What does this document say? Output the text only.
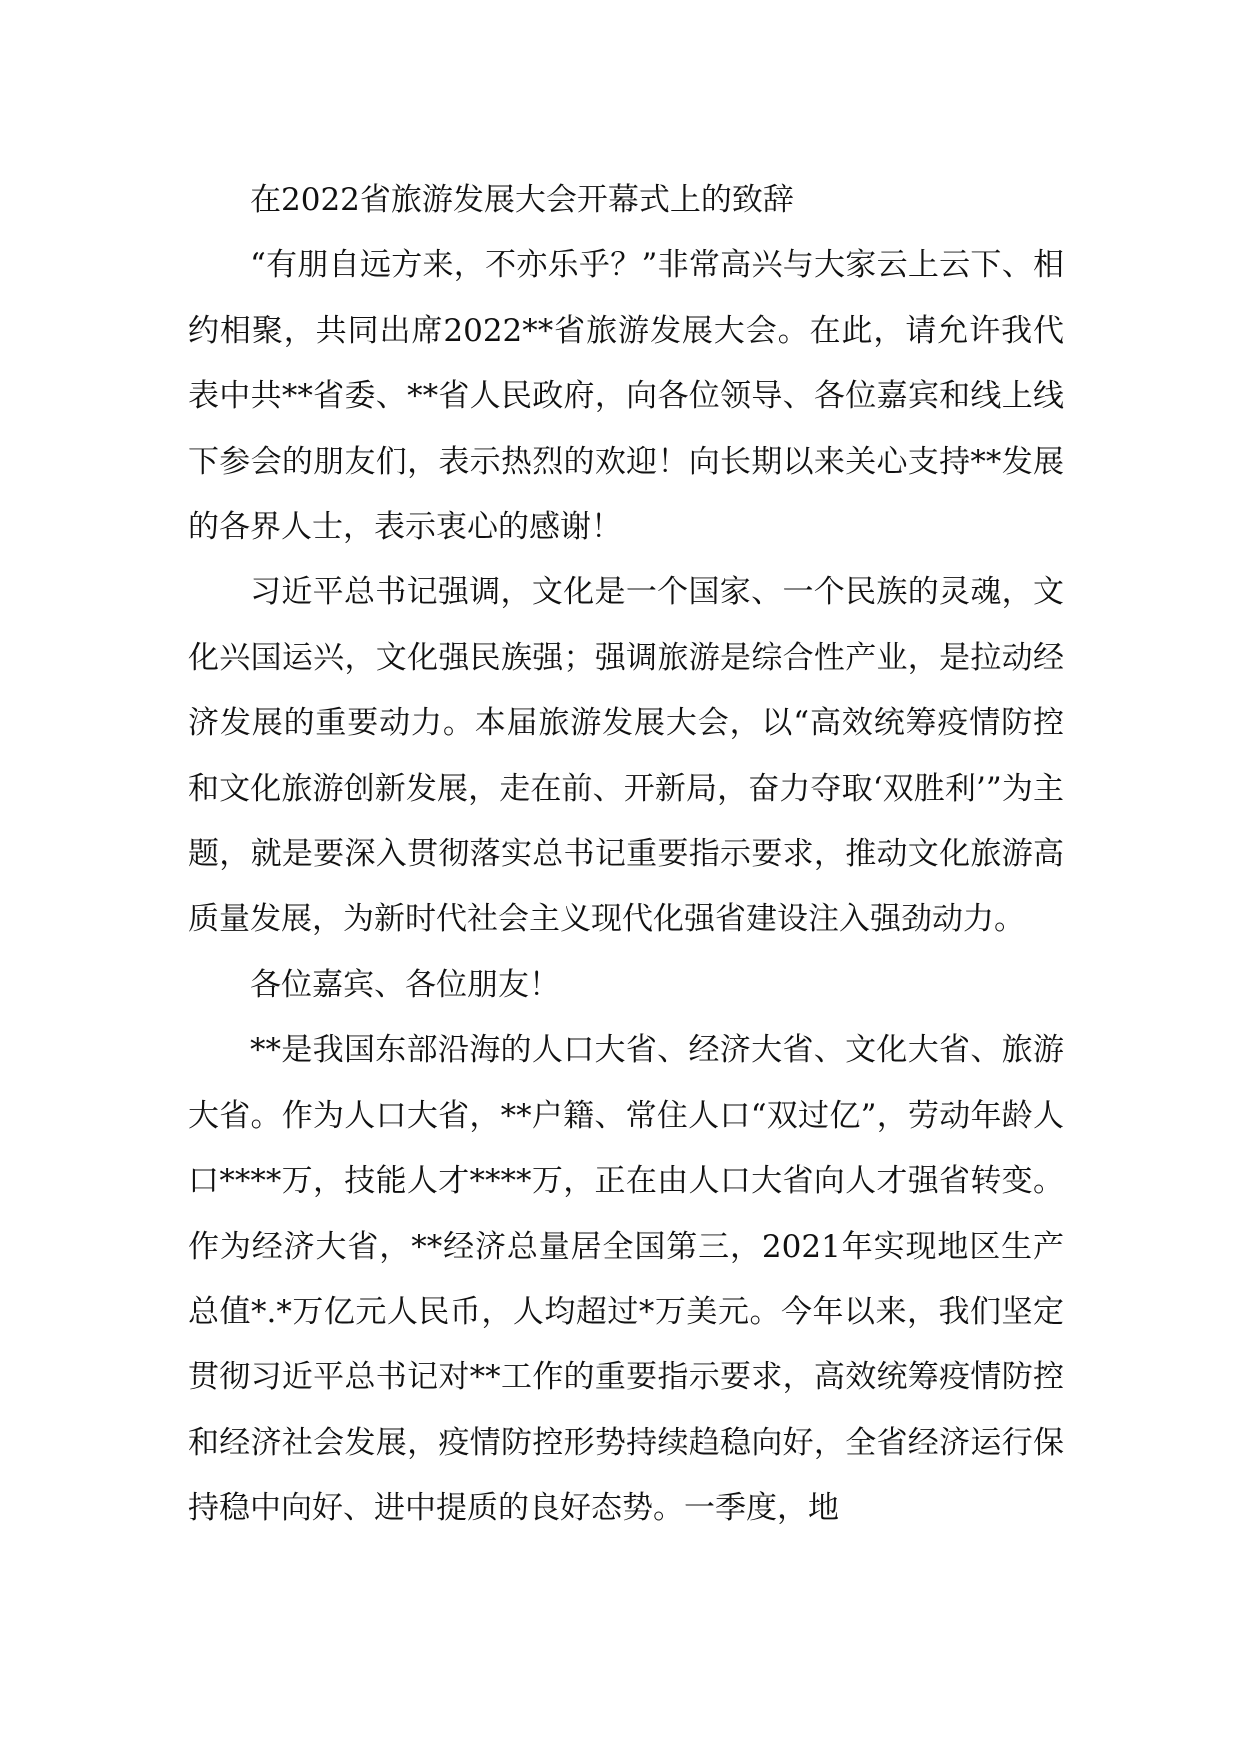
在2022省旅游发展大会开幕式上的致辞

“有朋自远方来，不亦乐乎？”非常高兴与大家云上云下、相约相聚，共同出席2022**省旅游发展大会。在此，请允许我代表中共**省委、**省人民政府，向各位领导、各位嘉宾和线上线下参会的朋友们，表示热烈的欢迎！向长期以来关心支持**发展的各界人士，表示衷心的感谢！

习近平总书记强调，文化是一个国家、一个民族的灵魂，文化兴国运兴，文化强民族强；强调旅游是综合性产业，是拉动经济发展的重要动力。本届旅游发展大会，以“高效统筹疫情防控和文化旅游创新发展，走在前、开新局，奋力夺取‘双胜利’”为主题，就是要深入贯彻落实总书记重要指示要求，推动文化旅游高质量发展，为新时代社会主义现代化强省建设注入强劲动力。

各位嘉宾、各位朋友！

**是我国东部沿海的人口大省、经济大省、文化大省、旅游大省。作为人口大省，**户籍、常住人口“双过亿”，劳动年龄人口****万，技能人才****万，正在由人口大省向人才强省转变。作为经济大省，**经济总量居全国第三，2021年实现地区生产总值*.*万亿元人民币，人均超过*万美元。今年以来，我们坚定贯彻习近平总书记对**工作的重要指示要求，高效统筹疫情防控和经济社会发展，疫情防控形势持续趋稳向好，全省经济运行保持稳中向好、进中提质的良好态势。一季度，地
